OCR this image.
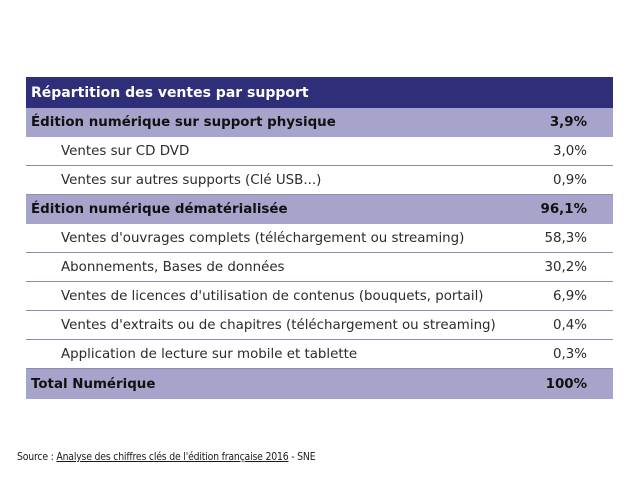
Répartition des ventes par support
Édition numérique sur support physique	3,9%
Ventes sur CD DVD	3,0%
Ventes sur autres supports (Clé USB...)	0,9%
Édition numérique dématérialisée	96,1%
Ventes d'ouvrages complets (téléchargement ou streaming)	58,3%
Abonnements, Bases de données	30,2%
Ventes de licences d'utilisation de contenus (bouquets, portail)	6,9%
Ventes d'extraits ou de chapitres (téléchargement ou streaming)	0,4%
Application de lecture sur mobile et tablette	0,3%
Total Numérique	100%
Source : Analyse des chiffres clés de l'édition française 2016 - SNE
